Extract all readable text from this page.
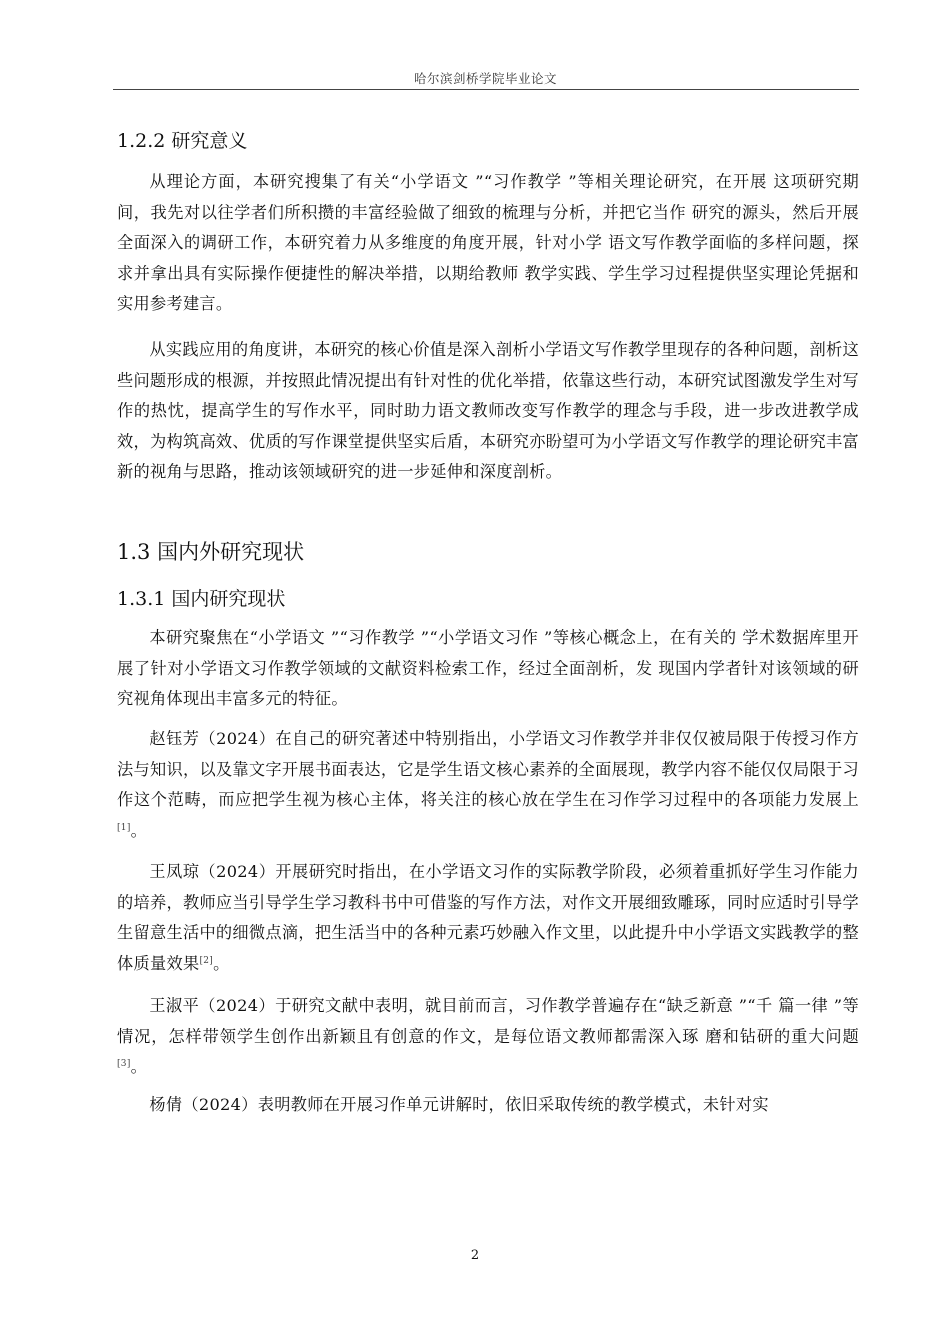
哈尔滨剑桥学院毕业论文
1.2.2 研究意义

从理论方面，本研究搜集了有关“小学语文 ”“习作教学 ”等相关理论研究，在开展 这项研究期间，我先对以往学者们所积攒的丰富经验做了细致的梳理与分析，并把它当作 研究的源头，然后开展全面深入的调研工作，本研究着力从多维度的角度开展，针对小学 语文写作教学面临的多样问题，探求并拿出具有实际操作便捷性的解决举措，以期给教师 教学实践、学生学习过程提供坚实理论凭据和实用参考建言。

从实践应用的角度讲，本研究的核心价值是深入剖析小学语文写作教学里现存的各种问题，剖析这些问题形成的根源，并按照此情况提出有针对性的优化举措，依靠这些行动，本研究试图激发学生对写作的热忱，提高学生的写作水平，同时助力语文教师改变写作教学的理念与手段，进一步改进教学成效，为构筑高效、优质的写作课堂提供坚实后盾，本研究亦盼望可为小学语文写作教学的理论研究丰富新的视角与思路，推动该领域研究的进一步延伸和深度剖析。

1.3 国内外研究现状
1.3.1 国内研究现状

本研究聚焦在“小学语文 ”“习作教学 ”“小学语文习作 ”等核心概念上，在有关的 学术数据库里开展了针对小学语文习作教学领域的文献资料检索工作，经过全面剖析，发 现国内学者针对该领域的研究视角体现出丰富多元的特征。

赵钰芳（2024）在自己的研究著述中特别指出，小学语文习作教学并非仅仅被局限于传授习作方法与知识，以及靠文字开展书面表达，它是学生语文核心素养的全面展现，教学内容不能仅仅局限于习作这个范畴，而应把学生视为核心主体，将关注的核心放在学生在习作学习过程中的各项能力发展上[1]。

王凤琼（2024）开展研究时指出，在小学语文习作的实际教学阶段，必须着重抓好学生习作能力的培养，教师应当引导学生学习教科书中可借鉴的写作方法，对作文开展细致雕琢，同时应适时引导学生留意生活中的细微点滴，把生活当中的各种元素巧妙融入作文里，以此提升中小学语文实践教学的整体质量效果[2]。

王淑平（2024）于研究文献中表明，就目前而言，习作教学普遍存在“缺乏新意 ”“千 篇一律 ”等情况，怎样带领学生创作出新颖且有创意的作文，是每位语文教师都需深入琢 磨和钻研的重大问题[3]。

杨倩（2024）表明教师在开展习作单元讲解时，依旧采取传统的教学模式，未针对实

2
